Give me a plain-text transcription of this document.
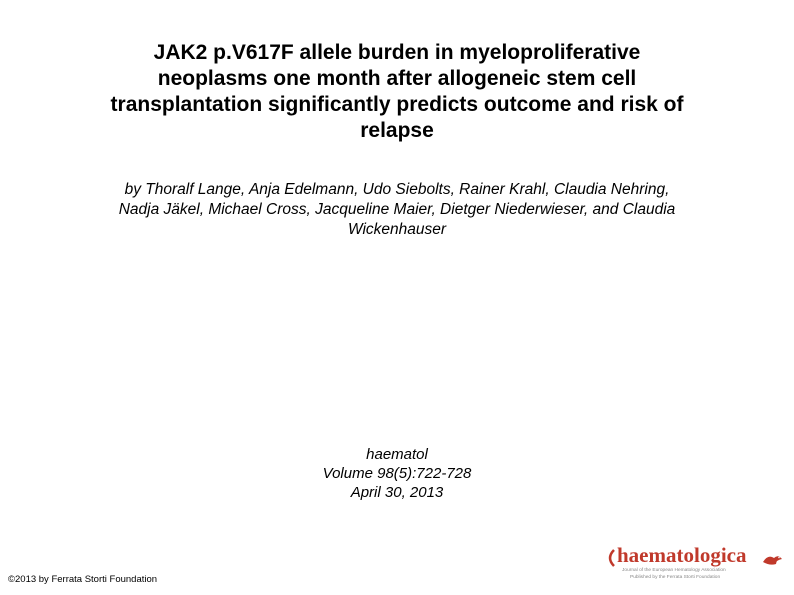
JAK2 p.V617F allele burden in myeloproliferative
neoplasms one month after allogeneic stem cell
transplantation significantly predicts outcome and risk of
relapse
by Thoralf Lange, Anja Edelmann, Udo Siebolts, Rainer Krahl, Claudia Nehring,
Nadja Jäkel, Michael Cross, Jacqueline Maier, Dietger Niederwieser, and Claudia
Wickenhauser
haematol
Volume 98(5):722-728
April 30, 2013
©2013 by Ferrata Storti Foundation
haematologica
Journal of the European Hematology Association
Published by the Ferrata Storti Foundation
